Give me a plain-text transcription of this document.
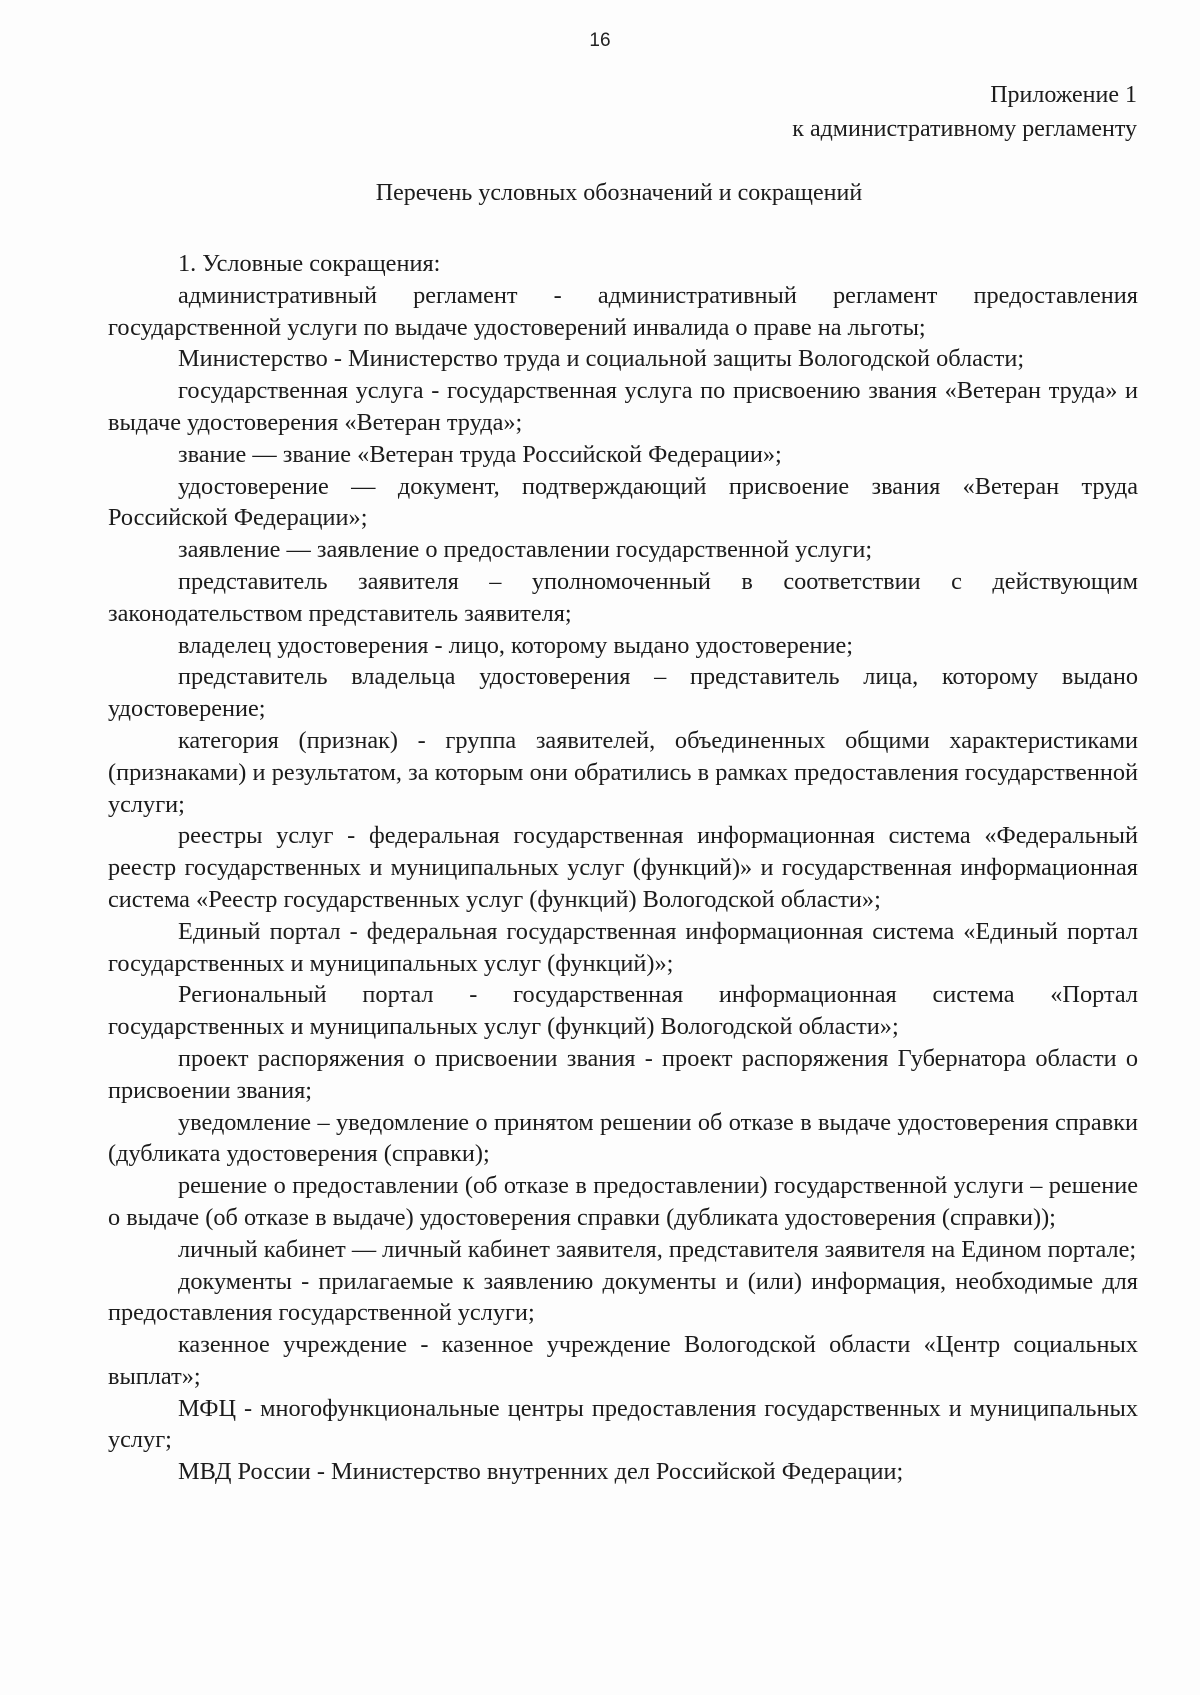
16
Приложение 1
к административному регламенту
Перечень условных обозначений и сокращений

1. Условные сокращения:

административный регламент - административный регламент предоставления государственной услуги по выдаче удостоверений инвалида о праве на льготы;

Министерство - Министерство труда и социальной защиты Вологодской области;

государственная услуга - государственная услуга по присвоению звания «Ветеран труда» и выдаче удостоверения «Ветеран труда»;

звание — звание «Ветеран труда Российской Федерации»;

удостоверение — документ, подтверждающий присвоение звания «Ветеран труда Российской Федерации»;

заявление — заявление о предоставлении государственной услуги;

представитель заявителя – уполномоченный в соответствии с действующим законодательством представитель заявителя;

владелец удостоверения - лицо, которому выдано удостоверение;

представитель владельца удостоверения – представитель лица, которому выдано удостоверение;

категория (признак) - группа заявителей, объединенных общими характеристиками (признаками) и результатом, за которым они обратились в рамках предоставления государственной услуги;

реестры услуг - федеральная государственная информационная система «Федеральный реестр государственных и муниципальных услуг (функций)» и государственная информационная система «Реестр государственных услуг (функций) Вологодской области»;

Единый портал - федеральная государственная информационная система «Единый портал государственных и муниципальных услуг (функций)»;

Региональный портал - государственная информационная система «Портал государственных и муниципальных услуг (функций) Вологодской области»;

проект распоряжения о присвоении звания - проект распоряжения Губернатора области о присвоении звания;

уведомление – уведомление о принятом решении об отказе в выдаче удостоверения справки (дубликата удостоверения (справки);

решение о предоставлении (об отказе в предоставлении) государственной услуги – решение о выдаче (об отказе в выдаче) удостоверения справки (дубликата удостоверения (справки));

личный кабинет — личный кабинет заявителя, представителя заявителя на Едином портале;

документы - прилагаемые к заявлению документы и (или) информация, необходимые для предоставления государственной услуги;

казенное учреждение - казенное учреждение Вологодской области «Центр социальных выплат»;

МФЦ - многофункциональные центры предоставления государственных и муниципальных услуг;

МВД России - Министерство внутренних дел Российской Федерации;
